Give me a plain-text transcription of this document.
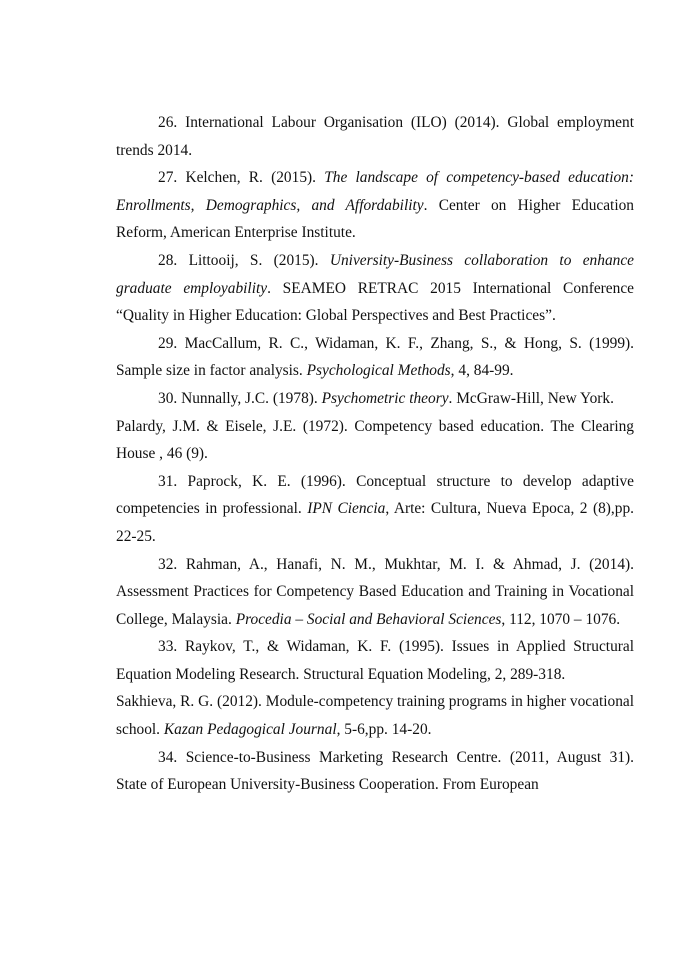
26. International Labour Organisation (ILO) (2014). Global employment trends 2014.

27. Kelchen, R. (2015). The landscape of competency-based education: Enrollments, Demographics, and Affordability. Center on Higher Education Reform, American Enterprise Institute.

28. Littooij, S. (2015). University-Business collaboration to enhance graduate employability. SEAMEO RETRAC 2015 International Conference “Quality in Higher Education: Global Perspectives and Best Practices”.

29. MacCallum, R. C., Widaman, K. F., Zhang, S., & Hong, S. (1999). Sample size in factor analysis. Psychological Methods, 4, 84-99.

30. Nunnally, J.C. (1978). Psychometric theory. McGraw-Hill, New York.

Palardy, J.M. & Eisele, J.E. (1972). Competency based education. The Clearing House , 46 (9).

31. Paprock, K. E. (1996). Conceptual structure to develop adaptive competencies in professional. IPN Ciencia, Arte: Cultura, Nueva Epoca, 2 (8),pp. 22-25.

32. Rahman, A., Hanafi, N. M., Mukhtar, M. I. & Ahmad, J. (2014). Assessment Practices for Competency Based Education and Training in Vocational College, Malaysia. Procedia – Social and Behavioral Sciences, 112, 1070 – 1076.

33. Raykov, T., & Widaman, K. F. (1995). Issues in Applied Structural Equation Modeling Research. Structural Equation Modeling, 2, 289-318.

Sakhieva, R. G. (2012). Module-competency training programs in higher vocational school. Kazan Pedagogical Journal, 5-6,pp. 14-20.

34. Science-to-Business Marketing Research Centre. (2011, August 31). State of European University-Business Cooperation. From European
